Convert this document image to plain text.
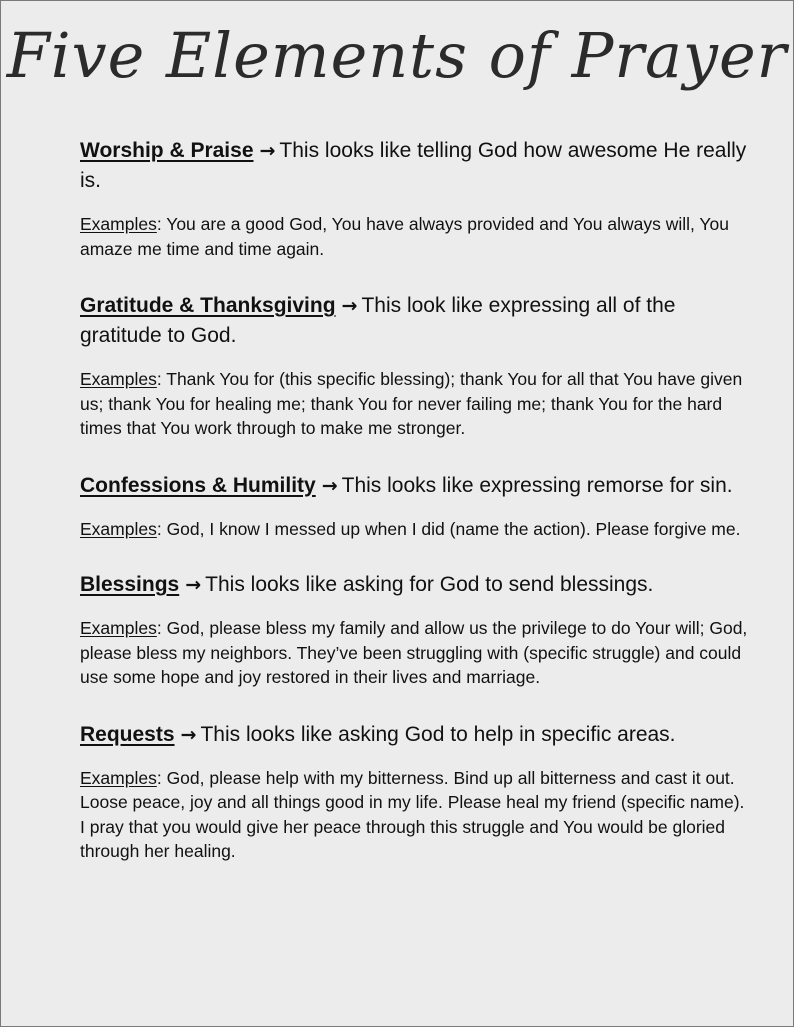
Five Elements of Prayer

Worship & Praise → This looks like telling God how awesome He really is.

Examples: You are a good God, You have always provided and You always will, You amaze me time and time again.

Gratitude & Thanksgiving → This look like expressing all of the gratitude to God.

Examples: Thank You for (this specific blessing); thank You for all that You have given us; thank You for healing me; thank You for never failing me; thank You for the hard times that You work through to make me stronger.

Confessions & Humility → This looks like expressing remorse for sin.

Examples: God, I know I messed up when I did (name the action). Please forgive me.

Blessings → This looks like asking for God to send blessings.

Examples: God, please bless my family and allow us the privilege to do Your will; God, please bless my neighbors. They’ve been struggling with (specific struggle) and could use some hope and joy restored in their lives and marriage.

Requests → This looks like asking God to help in specific areas.

Examples: God, please help with my bitterness. Bind up all bitterness and cast it out. Loose peace, joy and all things good in my life. Please heal my friend (specific name). I pray that you would give her peace through this struggle and You would be gloried through her healing.
